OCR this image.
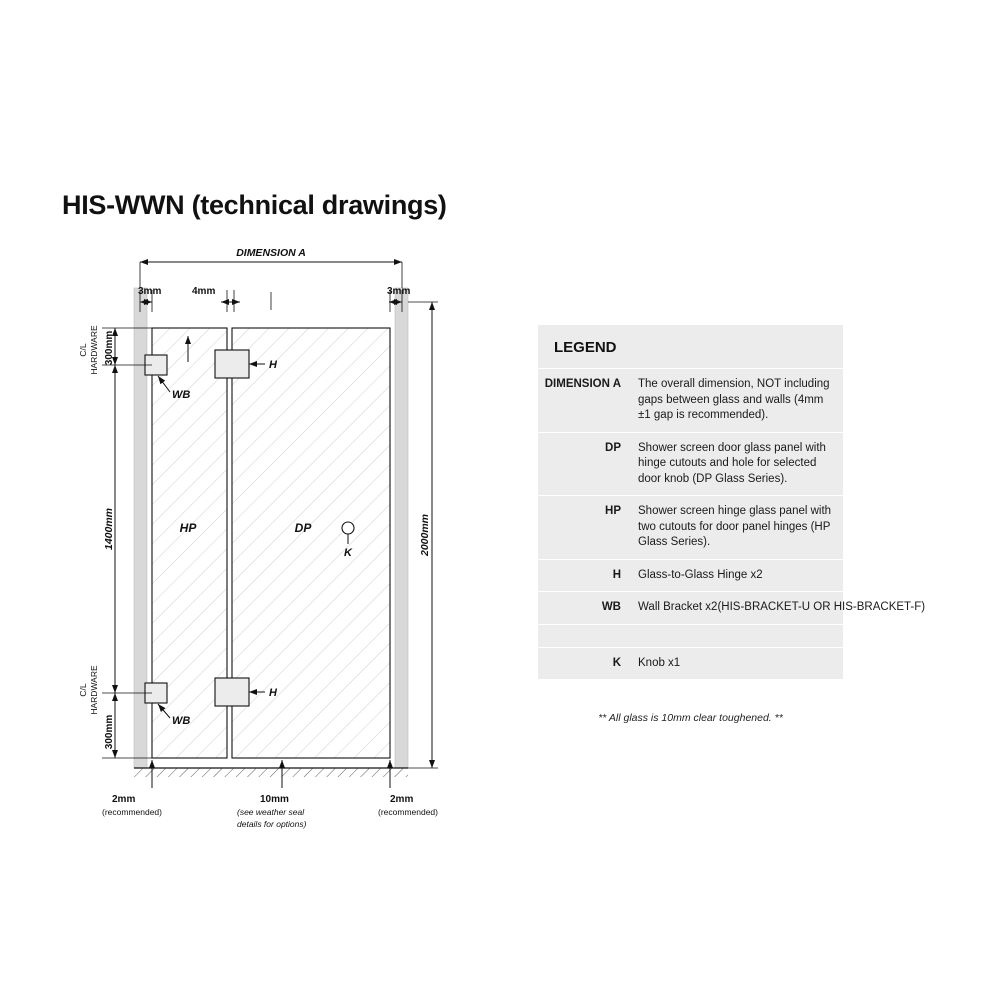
HIS-WWN (technical drawings)
DIMENSION A
3mm	4mm	3mm
2000mm
300mm
C/L HARDWARE
1400mm
300mm
C/L HARDWARE
HP	DP
H
H
WB
WB
K
2mm
(recommended)
10mm
(see weather seal
details for options)
2mm
(recommended)
LEGEND
DIMENSION A	The overall dimension, NOT including gaps between glass and walls (4mm ±1 gap is recommended).
DP	Shower screen door glass panel with hinge cutouts and hole for selected door knob (DP Glass Series).
HP	Shower screen hinge glass panel with two cutouts for door panel hinges (HP Glass Series).
H	Glass-to-Glass Hinge x2
WB	Wall Bracket x2(HIS-BRACKET-U OR HIS-BRACKET-F)
K	Knob x1
** All glass is 10mm clear toughened. **
